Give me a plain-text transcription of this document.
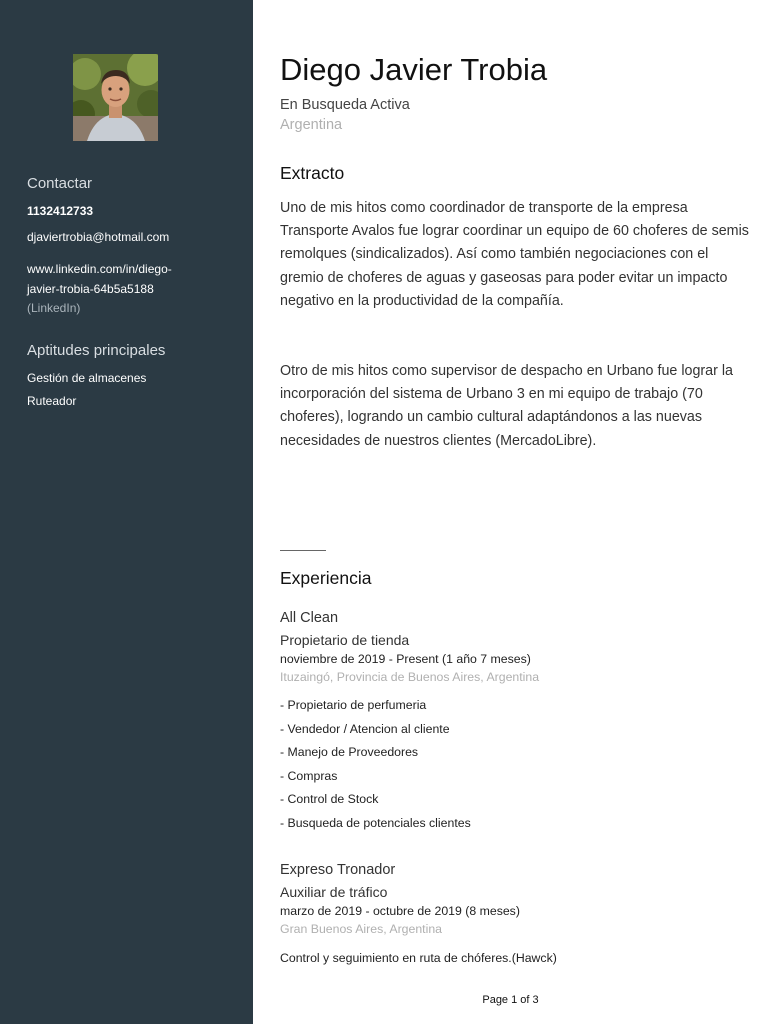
Contactar
1132412733
djaviertrobia@hotmail.com
www.linkedin.com/in/diego-
javier-trobia-64b5a5188
(LinkedIn)
Aptitudes principales
Gestión de almacenes
Ruteador
Diego Javier Trobia
En Busqueda Activa
Argentina
Extracto
Uno de mis hitos como coordinador de transporte de la empresa Transporte Avalos fue lograr coordinar un equipo de 60 choferes de semis remolques (sindicalizados). Así como también negociaciones con el gremio de choferes de aguas y gaseosas para poder evitar un impacto negativo en la productividad de la compañía.
Otro de mis hitos como supervisor de despacho en Urbano fue lograr la incorporación del sistema de Urbano 3 en mi equipo de trabajo (70 choferes), logrando un cambio cultural adaptándonos a las nuevas necesidades de nuestros clientes (MercadoLibre).
Experiencia
All Clean
Propietario de tienda
noviembre de 2019 - Present (1 año 7 meses)
Ituzaingó, Provincia de Buenos Aires, Argentina
- Propietario de perfumeria
- Vendedor / Atencion al cliente
- Manejo de Proveedores
- Compras
- Control de Stock
- Busqueda de potenciales clientes
Expreso Tronador
Auxiliar de tráfico
marzo de 2019 - octubre de 2019 (8 meses)
Gran Buenos Aires, Argentina
Control y seguimiento en ruta de chóferes.(Hawck)
Page 1 of 3
